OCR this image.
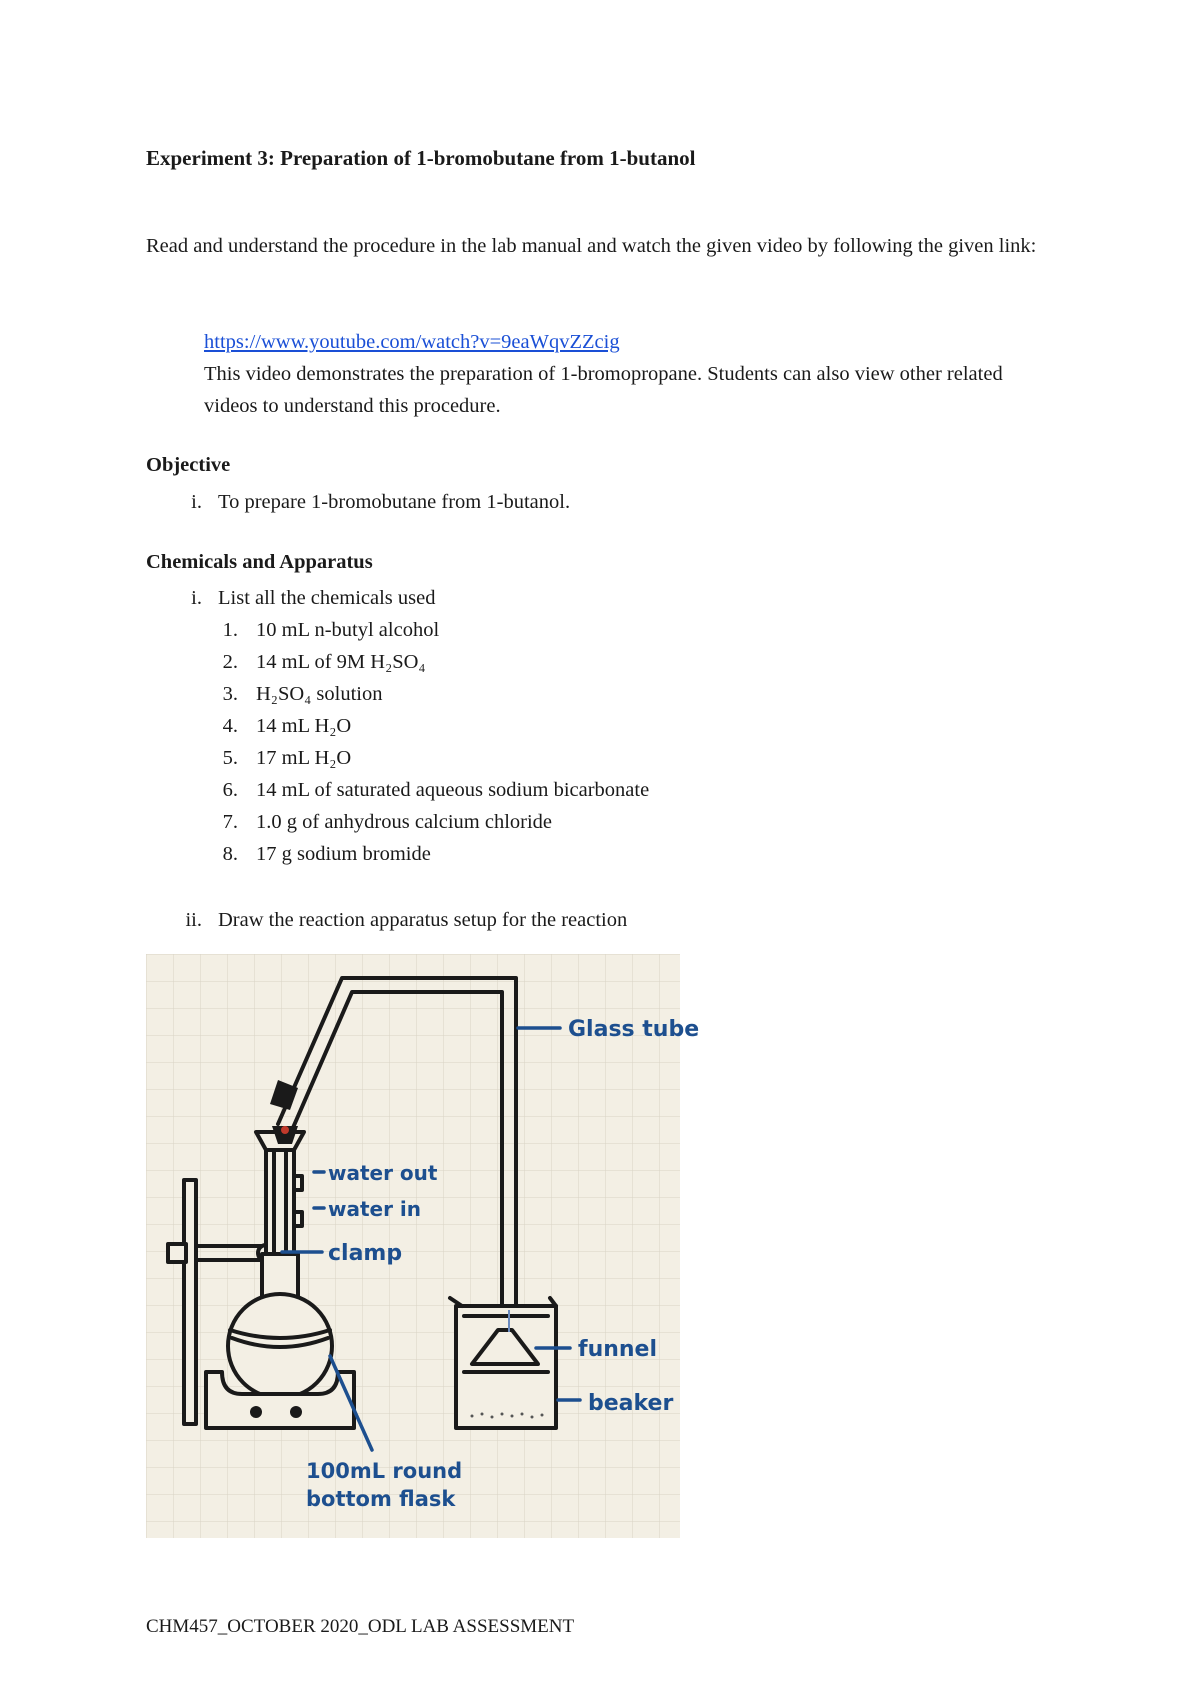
Experiment 3: Preparation of 1-bromobutane from 1-butanol

Read and understand the procedure in the lab manual and watch the given video by following the given link:

https://www.youtube.com/watch?v=9eaWqvZZcig
This video demonstrates the preparation of 1-bromopropane. Students can also view other related videos to understand this procedure.
Objective
i. To prepare 1-bromobutane from 1-butanol.
Chemicals and Apparatus
i. List all the chemicals used
1. 10 mL n-butyl alcohol
2. 14 mL of 9M H₂SO₄
3. H₂SO₄ solution
4. 14 mL H₂O
5. 17 mL H₂O
6. 14 mL of saturated aqueous sodium bicarbonate
7. 1.0 g of anhydrous calcium chloride
8. 17 g sodium bromide
ii. Draw the reaction apparatus setup for the reaction
Glass tube
water out
water in
clamp
funnel
beaker
100mL round
bottom flask
CHM457_OCTOBER 2020_ODL LAB ASSESSMENT
